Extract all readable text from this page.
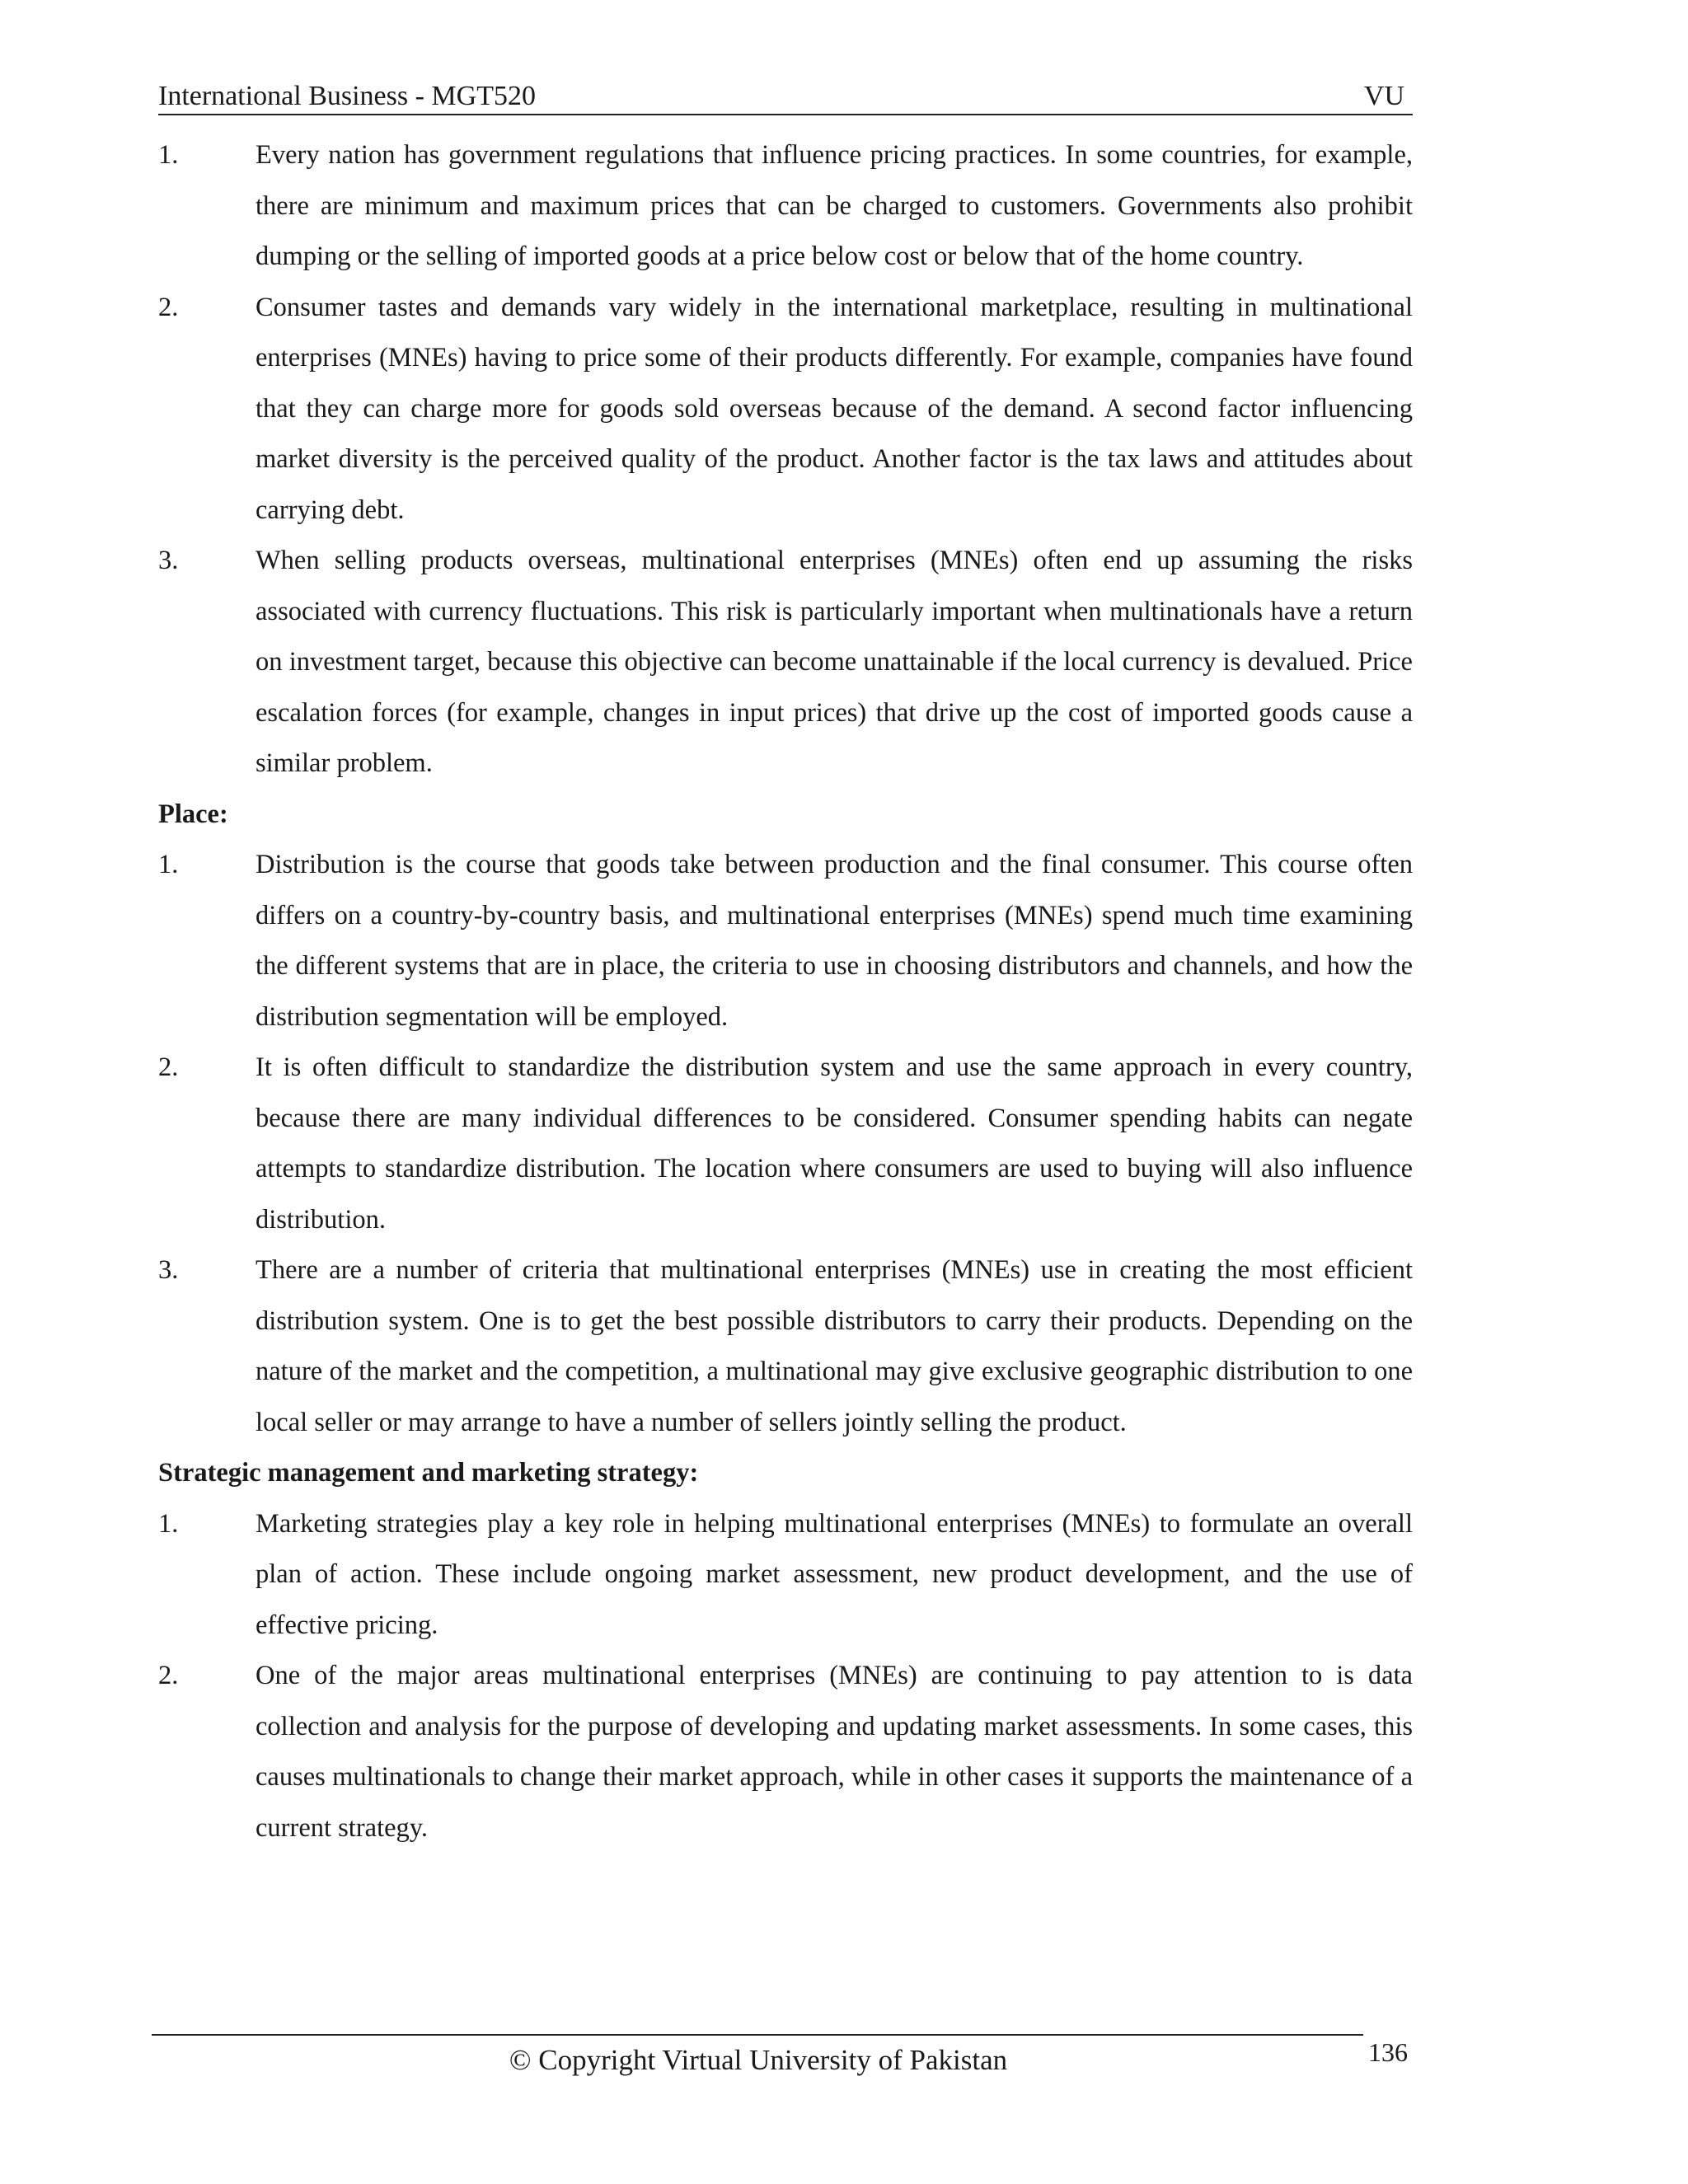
International Business - MGT520	VU
1.	Every nation has government regulations that influence pricing practices. In some countries, for example, there are minimum and maximum prices that can be charged to customers. Governments also prohibit dumping or the selling of imported goods at a price below cost or below that of the home country.
2.	Consumer tastes and demands vary widely in the international marketplace, resulting in multinational enterprises (MNEs) having to price some of their products differently. For example, companies have found that they can charge more for goods sold overseas because of the demand. A second factor influencing market diversity is the perceived quality of the product. Another factor is the tax laws and attitudes about carrying debt.
3.	When selling products overseas, multinational enterprises (MNEs) often end up assuming the risks associated with currency fluctuations. This risk is particularly important when multinationals have a return on investment target, because this objective can become unattainable if the local currency is devalued. Price escalation forces (for example, changes in input prices) that drive up the cost of imported goods cause a similar problem.

Place:

1.	Distribution is the course that goods take between production and the final consumer. This course often differs on a country-by-country basis, and multinational enterprises (MNEs) spend much time examining the different systems that are in place, the criteria to use in choosing distributors and channels, and how the distribution segmentation will be employed.
2.	It is often difficult to standardize the distribution system and use the same approach in every country, because there are many individual differences to be considered. Consumer spending habits can negate attempts to standardize distribution. The location where consumers are used to buying will also influence distribution.
3.	There are a number of criteria that multinational enterprises (MNEs) use in creating the most efficient distribution system. One is to get the best possible distributors to carry their products. Depending on the nature of the market and the competition, a multinational may give exclusive geographic distribution to one local seller or may arrange to have a number of sellers jointly selling the product.

Strategic management and marketing strategy:

1.	Marketing strategies play a key role in helping multinational enterprises (MNEs) to formulate an overall plan of action. These include ongoing market assessment, new product development, and the use of effective pricing.
2.	One of the major areas multinational enterprises (MNEs) are continuing to pay attention to is data collection and analysis for the purpose of developing and updating market assessments. In some cases, this causes multinationals to change their market approach, while in other cases it supports the maintenance of a current strategy.
© Copyright Virtual University of Pakistan	136
